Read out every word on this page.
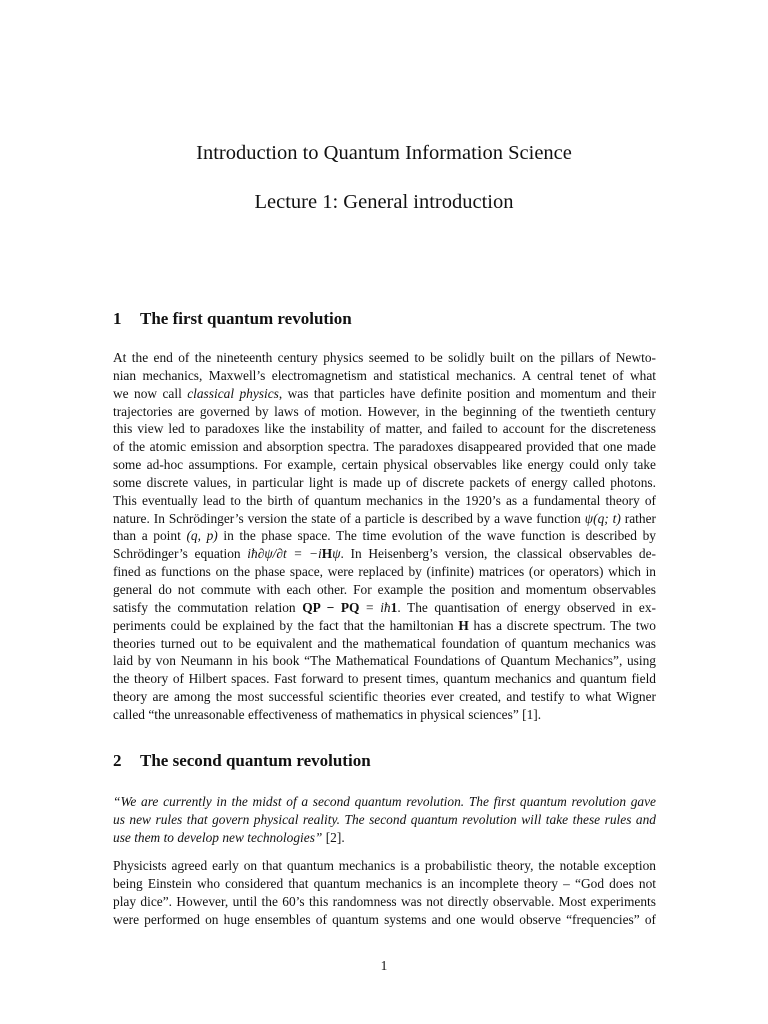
Introduction to Quantum Information Science
Lecture 1: General introduction
1 The first quantum revolution
At the end of the nineteenth century physics seemed to be solidly built on the pillars of Newto-
nian mechanics, Maxwell’s electromagnetism and statistical mechanics. A central tenet of what
we now call classical physics, was that particles have definite position and momentum and their
trajectories are governed by laws of motion. However, in the beginning of the twentieth century
this view led to paradoxes like the instability of matter, and failed to account for the discreteness
of the atomic emission and absorption spectra. The paradoxes disappeared provided that one made
some ad-hoc assumptions. For example, certain physical observables like energy could only take
some discrete values, in particular light is made up of discrete packets of energy called photons.
This eventually lead to the birth of quantum mechanics in the 1920’s as a fundamental theory of
nature. In Schrödinger’s version the state of a particle is described by a wave function ψ(q; t) rather
than a point (q, p) in the phase space. The time evolution of the wave function is described by
Schrödinger’s equation iħ∂ψ/∂t = −iHψ. In Heisenberg’s version, the classical observables de-
fined as functions on the phase space, were replaced by (infinite) matrices (or operators) which in
general do not commute with each other. For example the position and momentum observables
satisfy the commutation relation QP − PQ = iħ1. The quantisation of energy observed in ex-
periments could be explained by the fact that the hamiltonian H has a discrete spectrum. The two
theories turned out to be equivalent and the mathematical foundation of quantum mechanics was
laid by von Neumann in his book “The Mathematical Foundations of Quantum Mechanics”, using
the theory of Hilbert spaces. Fast forward to present times, quantum mechanics and quantum field
theory are among the most successful scientific theories ever created, and testify to what Wigner
called “the unreasonable effectiveness of mathematics in physical sciences” [1].
2 The second quantum revolution
“We are currently in the midst of a second quantum revolution. The first quantum revolution gave
us new rules that govern physical reality. The second quantum revolution will take these rules and
use them to develop new technologies” [2].
Physicists agreed early on that quantum mechanics is a probabilistic theory, the notable exception
being Einstein who considered that quantum mechanics is an incomplete theory – “God does not
play dice”. However, until the 60’s this randomness was not directly observable. Most experiments
were performed on huge ensembles of quantum systems and one would observe “frequencies” of
1
